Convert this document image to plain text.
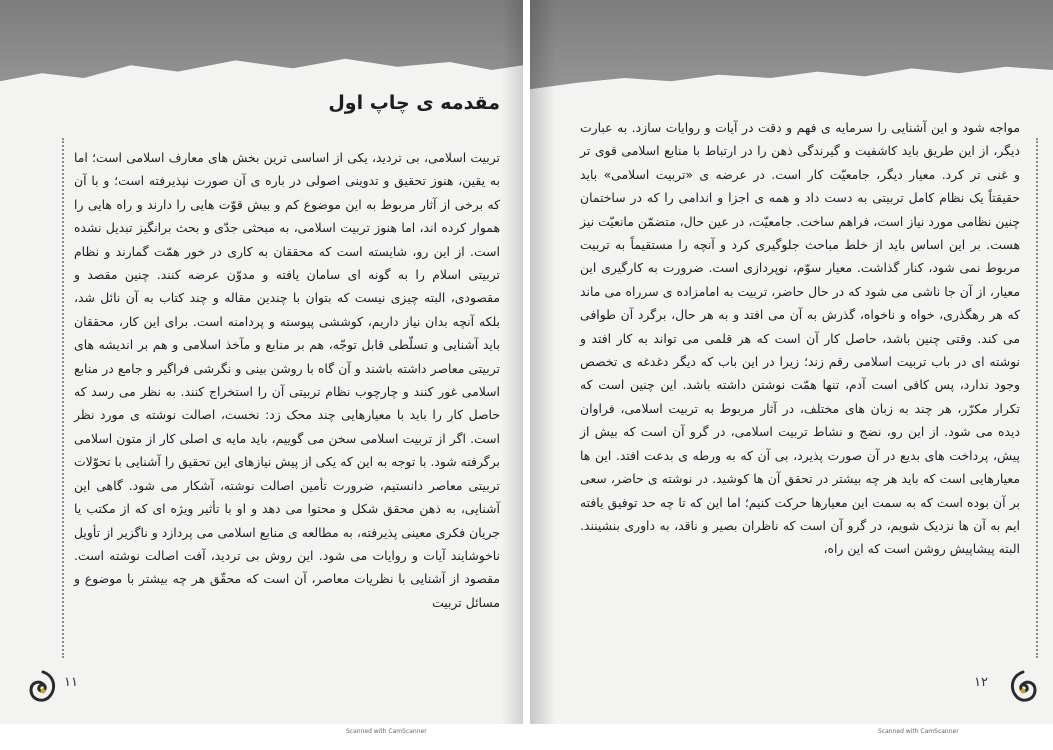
مقدمه ی چاپ اول

تربیت اسلامی، بی تردید، یکی از اساسی ترین بخش های معارف اسلامی است؛ اما به یقین، هنوز تحقیق و تدوینی اصولی در باره ی آن صورت نپذیرفته است؛ و با آن که برخی از آثار مربوط به این موضوع کم و بیش قوّت هایی را دارند و راه هایی را هموار کرده اند، اما هنوز تربیت اسلامی، به مبحثی جدّی و بحث برانگیز تبدیل نشده است. از این رو، شایسته است که محققان به کاری در خور همّت گمارند و نظام تربیتی اسلام را به گونه ای سامان یافته و مدوّن عرضه کنند. چنین مقصد و مقصودی، البته چیزی نیست که بتوان با چندین مقاله و چند کتاب به آن نائل شد، بلکه آنچه بدان نیاز داریم، کوششی پیوسته و پردامنه است. برای این کار، محققان باید آشنایی و تسلّطی قابل توجّه، هم بر منابع و مآخذ اسلامی و هم بر اندیشه های تربیتی معاصر داشته باشند و آن گاه با روشن بینی و نگرشی فراگیر و جامع در منابع اسلامی غور کنند و چارچوب نظام تربیتی آن را استخراج کنند. به نظر می رسد که حاصل کار را باید با معیارهایی چند محک زد: نخست، اصالت نوشته ی مورد نظر است. اگر از تربیت اسلامی سخن می گوییم، باید مایه ی اصلی کار از متون اسلامی برگرفته شود. با توجه به این که یکی از پیش نیازهای این تحقیق را آشنایی با تحوّلات تربیتی معاصر دانستیم، ضرورت تأمین اصالت نوشته، آشکار می شود. گاهی این آشنایی، به ذهن محقق شکل و محتوا می دهد و او با تأثیر ویژه ای که از مکتب یا جریان فکری معینی پذیرفته، به مطالعه ی منابع اسلامی می پردازد و ناگزیر از تأویل ناخوشایند آیات و روایات می شود. این روش بی تردید، آفت اصالت نوشته است. مقصود از آشنایی با نظریات معاصر، آن است که محقّق هر چه بیشتر با موضوع و مسائل تربیت

۱۱

مواجه شود و این آشنایی را سرمایه ی فهم و دقت در آیات و روایات سازد. به عبارت دیگر، از این طریق باید کاشفیت و گیرندگی ذهن را در ارتباط با منابع اسلامی قوی تر و غنی تر کرد. معیار دیگر، جامعیّت کار است. در عرضه ی «تربیت اسلامی» باید حقیقتاً یک نظام کامل تربیتی به دست داد و همه ی اجزا و اندامی را که در ساختمان چنین نظامی مورد نیاز است، فراهم ساخت. جامعیّت، در عین حال، متضمّن مانعیّت نیز هست. بر این اساس باید از خلط مباحث جلوگیری کرد و آنچه را مستقیماً به تربیت مربوط نمی شود، کنار گذاشت. معیار سوّم، نوپردازی است. ضرورت به کارگیری این معیار، از آن جا ناشی می شود که در حال حاضر، تربیت به امامزاده ی سرراه می ماند که هر رهگذری، خواه و ناخواه، گذرش به آن می افتد و به هر حال، برگرد آن طوافی می کند. وقتی چنین باشد، حاصل کار آن است که هر قلمی می تواند به کار افتد و نوشته ای در باب تربیت اسلامی رقم زند؛ زیرا در این باب که دیگر دغدغه ی تخصص وجود ندارد، پس کافی است آدم، تنها همّت نوشتن داشته باشد. این چنین است که تکرار مکرّر، هر چند به زبان های مختلف، در آثار مربوط به تربیت اسلامی، فراوان دیده می شود. از این رو، نضج و نشاط تربیت اسلامی، در گرو آن است که بیش از پیش، پرداخت های بدیع در آن صورت پذیرد، بی آن که به ورطه ی بدعت افتد. این ها معیارهایی است که باید هر چه بیشتر در تحقق آن ها کوشید. در نوشته ی حاضر، سعی بر آن بوده است که به سمت این معیارها حرکت کنیم؛ اما این که تا چه حد توفیق یافته ایم به آن ها نزدیک شویم، در گرو آن است که ناظران بصیر و ناقد، به داوری بنشینند. البته پیشاپیش روشن است که این راه،

۱۲
Scanned with CamScanner	Scanned with CamScanner
